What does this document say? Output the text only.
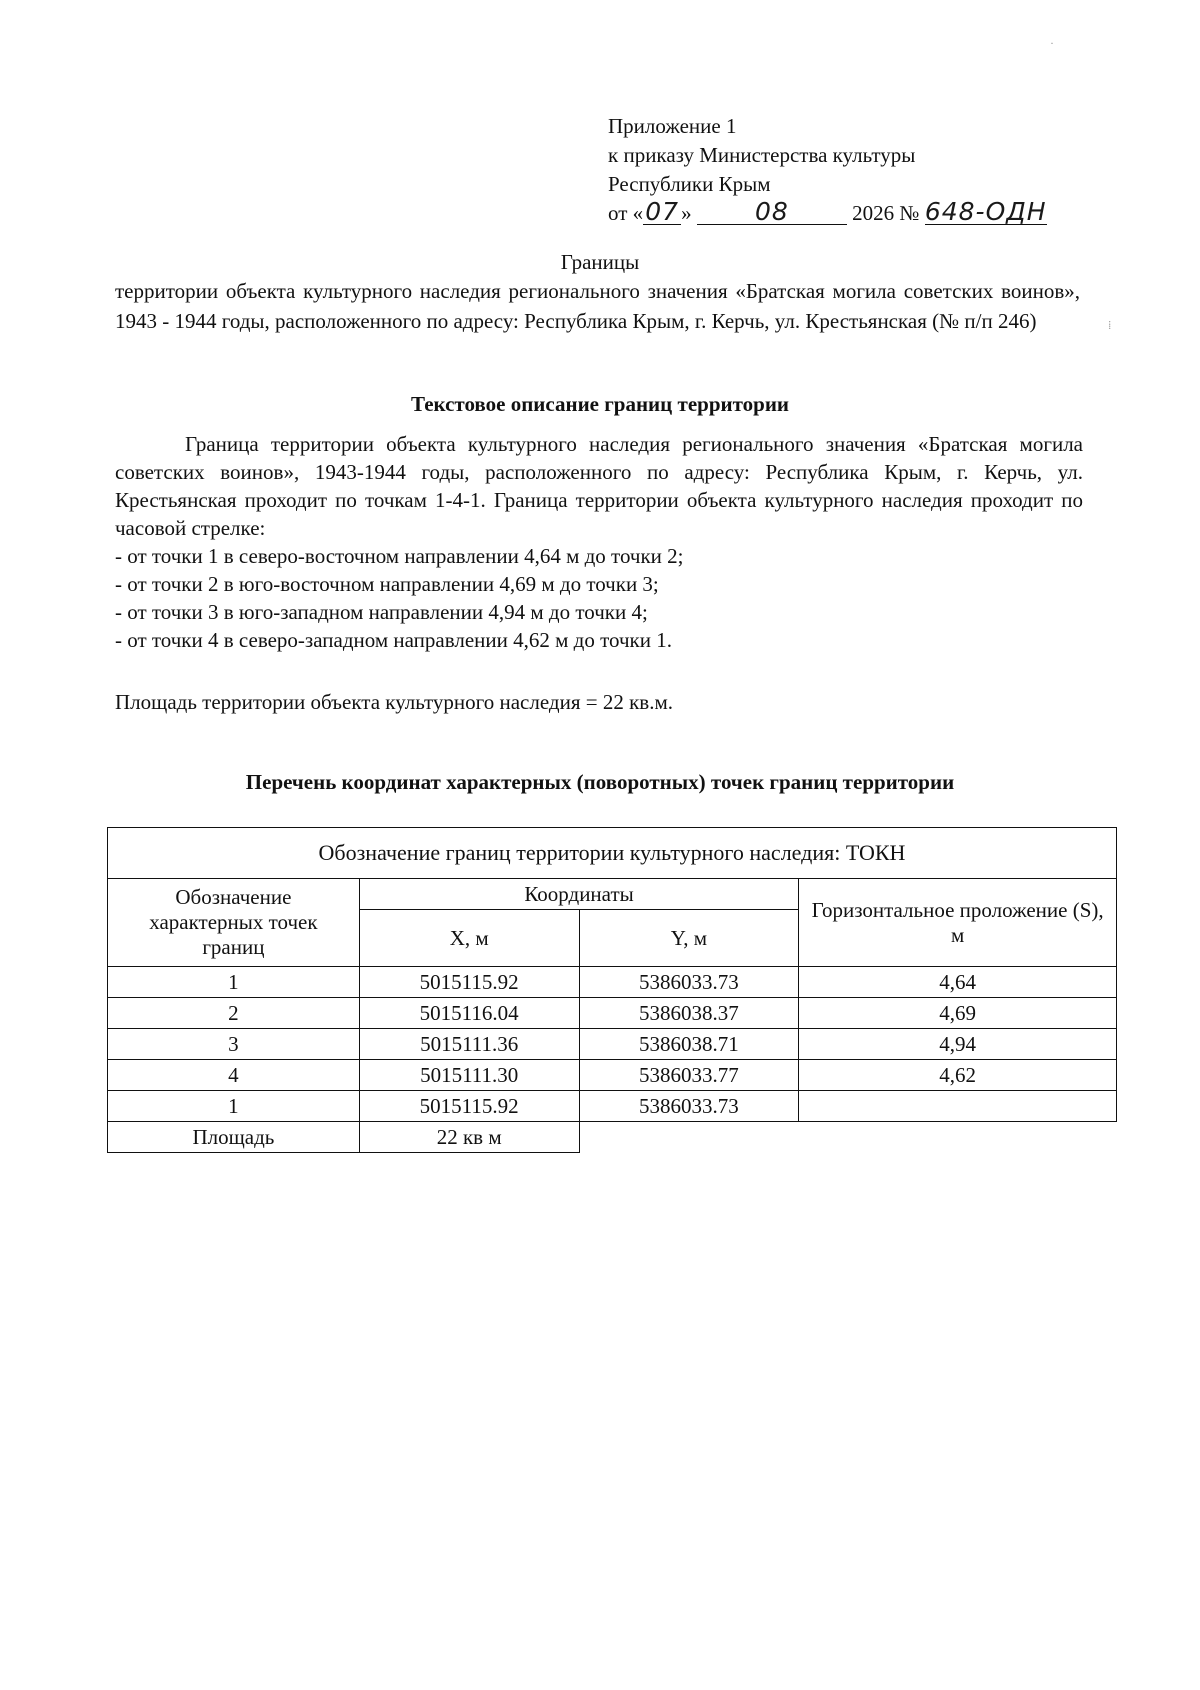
Приложение 1
к приказу Министерства культуры
Республики Крым
от «07»	08	2026 № 648-ОДН
Границы
территории объекта культурного наследия регионального значения «Братская могила советских воинов», 1943 - 1944 годы, расположенного по адресу: Республика Крым, г. Керчь, ул. Крестьянская (№ п/п 246)
Текстовое описание границ территории

Граница территории объекта культурного наследия регионального значения «Братская могила советских воинов», 1943-1944 годы, расположенного по адресу: Республика Крым, г. Керчь, ул. Крестьянская проходит по точкам 1-4-1. Граница территории объекта культурного наследия проходит по часовой стрелке:

- от точки 1 в северо-восточном направлении 4,64 м до точки 2;
- от точки 2 в юго-восточном направлении 4,69 м до точки 3;
- от точки 3 в юго-западном направлении 4,94 м до точки 4;
- от точки 4 в северо-западном направлении 4,62 м до точки 1.
Площадь территории объекта культурного наследия = 22 кв.м.
Перечень координат характерных (поворотных) точек границ территории
Обозначение границ территории культурного наследия: ТОКН			
Обозначение характерных точек границ	Координаты		Горизонтальное проложение (S), м
	X, м	Y, м	
1	5015115.92	5386033.73	4,64
2	5015116.04	5386038.37	4,69
3	5015111.36	5386038.71	4,94
4	5015111.30	5386033.77	4,62
1	5015115.92	5386033.73	
Площадь	22 кв м		
·
⁞
